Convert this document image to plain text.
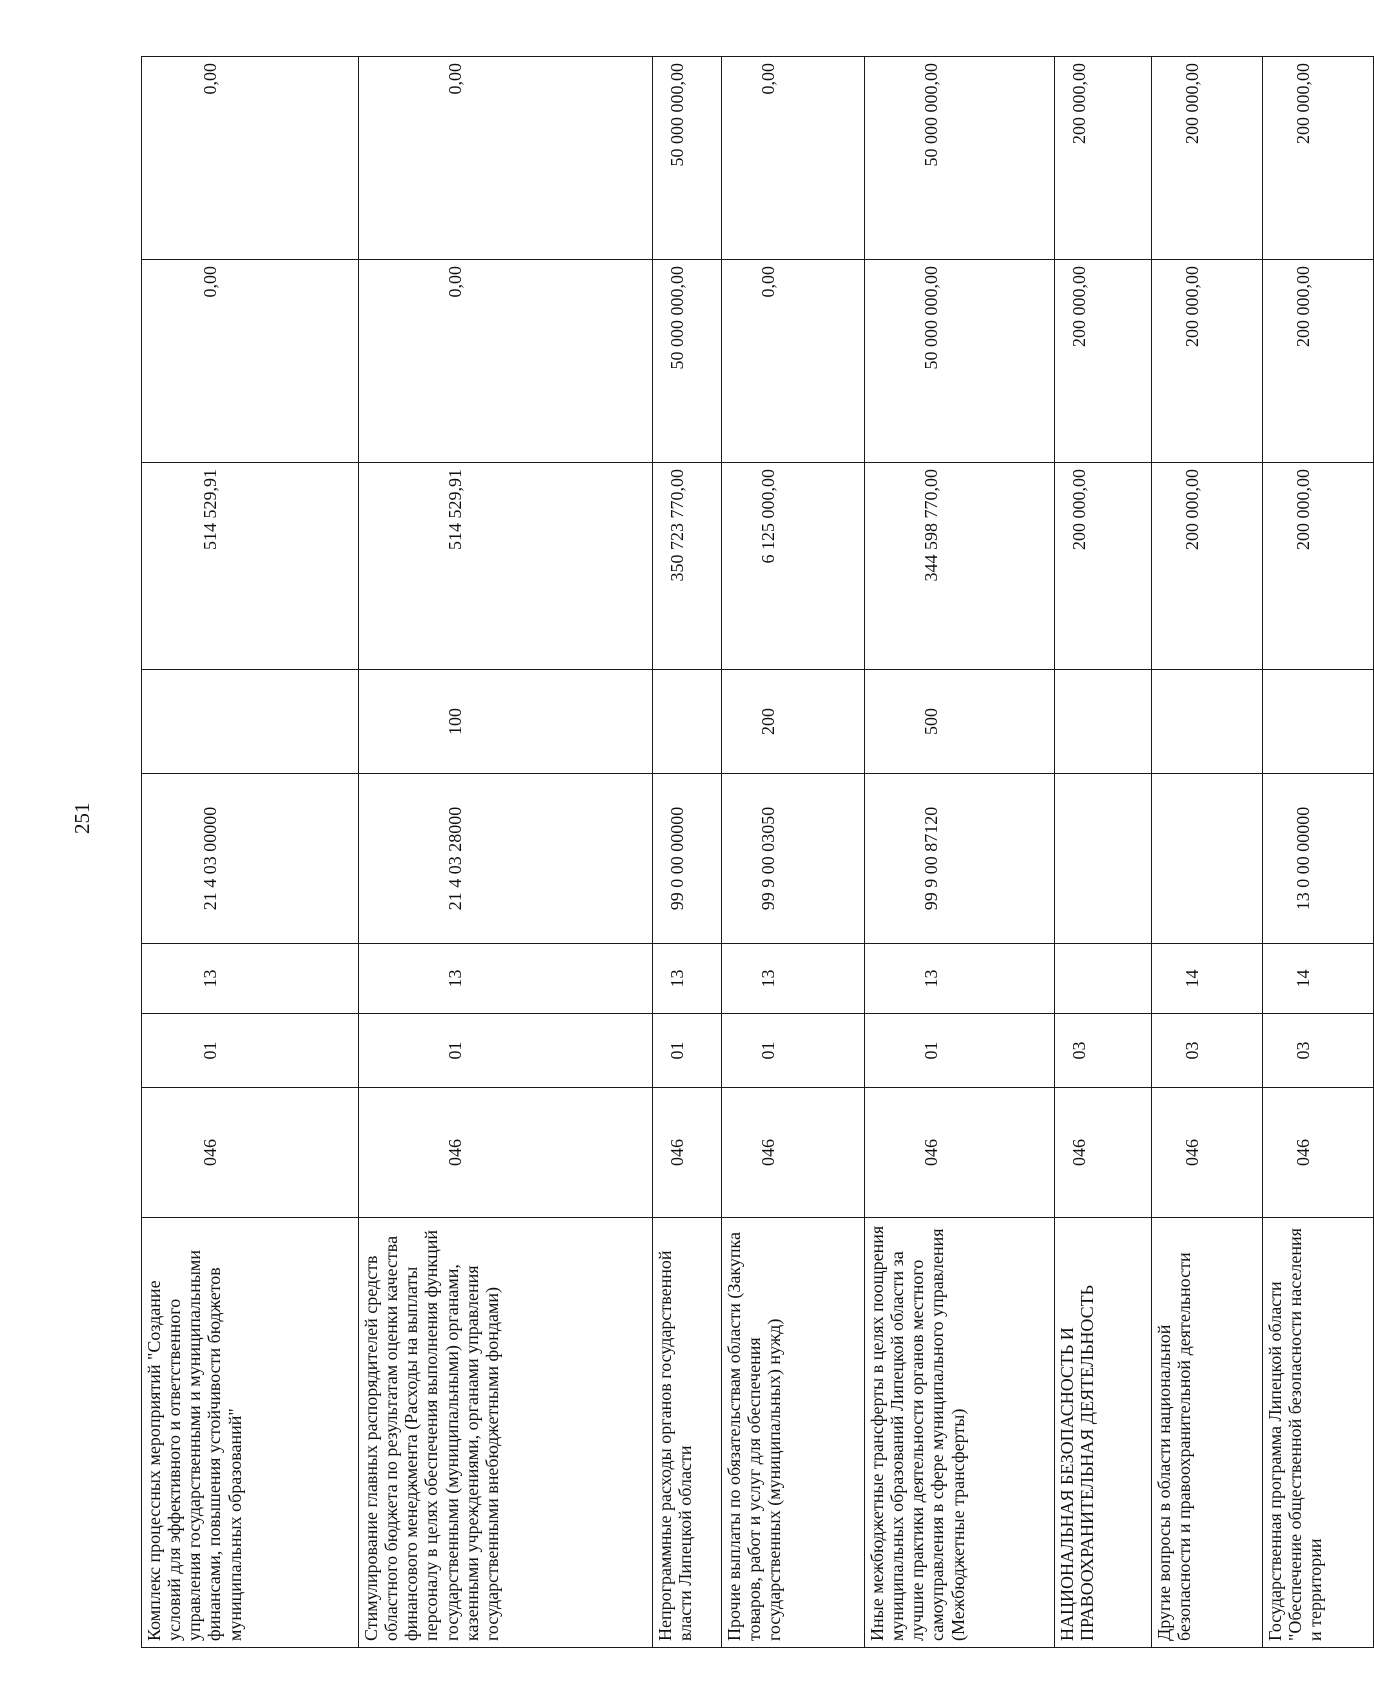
251
Комплекс процессных мероприятий "Создание условий для эффективного и ответственного управления государственными и муниципальными финансами, повышения устойчивости бюджетов муниципальных образований"	046	01	13	21 4 03 00000		514 529,91	0,00	0,00
Стимулирование главных распорядителей средств областного бюджета по результатам оценки качества финансового менеджмента (Расходы на выплаты персоналу в целях обеспечения выполнения функций государственными (муниципальными) органами, казенными учреждениями, органами управления государственными внебюджетными фондами)	046	01	13	21 4 03 28000	100	514 529,91	0,00	0,00
Непрограммные расходы органов государственной власти Липецкой области	046	01	13	99 0 00 00000		350 723 770,00	50 000 000,00	50 000 000,00
Прочие выплаты по обязательствам области (Закупка товаров, работ и услуг для обеспечения государственных (муниципальных) нужд)	046	01	13	99 9 00 03050	200	6 125 000,00	0,00	0,00
Иные межбюджетные трансферты в целях поощрения муниципальных образований Липецкой области за лучшие практики деятельности органов местного самоуправления в сфере муниципального управления (Межбюджетные трансферты)	046	01	13	99 9 00 87120	500	344 598 770,00	50 000 000,00	50 000 000,00
НАЦИОНАЛЬНАЯ БЕЗОПАСНОСТЬ И ПРАВООХРАНИТЕЛЬНАЯ ДЕЯТЕЛЬНОСТЬ	046	03				200 000,00	200 000,00	200 000,00
Другие вопросы в области национальной безопасности и правоохранительной деятельности	046	03	14			200 000,00	200 000,00	200 000,00
Государственная программа Липецкой области "Обеспечение общественной безопасности населения и территории	046	03	14	13 0 00 00000		200 000,00	200 000,00	200 000,00
